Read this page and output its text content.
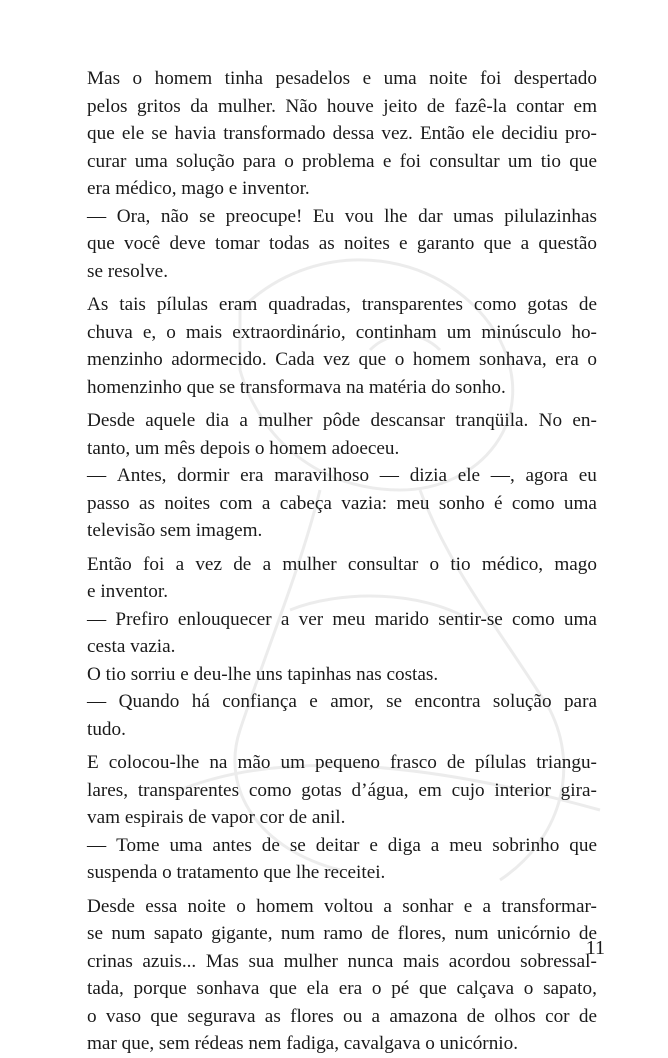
Mas o homem tinha pesadelos e uma noite foi despertado
pelos gritos da mulher. Não houve jeito de fazê-la contar em
que ele se havia transformado dessa vez. Então ele decidiu pro-
curar uma solução para o problema e foi consultar um tio que
era médico, mago e inventor.
— Ora, não se preocupe! Eu vou lhe dar umas pilulazinhas
que você deve tomar todas as noites e garanto que a questão
se resolve.
As tais pílulas eram quadradas, transparentes como gotas de
chuva e, o mais extraordinário, continham um minúsculo ho-
menzinho adormecido. Cada vez que o homem sonhava, era o
homenzinho que se transformava na matéria do sonho.
Desde aquele dia a mulher pôde descansar tranqüila. No en-
tanto, um mês depois o homem adoeceu.
— Antes, dormir era maravilhoso — dizia ele —, agora eu
passo as noites com a cabeça vazia: meu sonho é como uma
televisão sem imagem.
Então foi a vez de a mulher consultar o tio médico, mago
e inventor.
— Prefiro enlouquecer a ver meu marido sentir-se como uma
cesta vazia.
O tio sorriu e deu-lhe uns tapinhas nas costas.
— Quando há confiança e amor, se encontra solução para
tudo.
E colocou-lhe na mão um pequeno frasco de pílulas triangu-
lares, transparentes como gotas d’água, em cujo interior gira-
vam espirais de vapor cor de anil.
— Tome uma antes de se deitar e diga a meu sobrinho que
suspenda o tratamento que lhe receitei.
Desde essa noite o homem voltou a sonhar e a transformar-
se num sapato gigante, num ramo de flores, num unicórnio de
crinas azuis... Mas sua mulher nunca mais acordou sobressal-
tada, porque sonhava que ela era o pé que calçava o sapato,
o vaso que segurava as flores ou a amazona de olhos cor de
mar que, sem rédeas nem fadiga, cavalgava o unicórnio.
11
